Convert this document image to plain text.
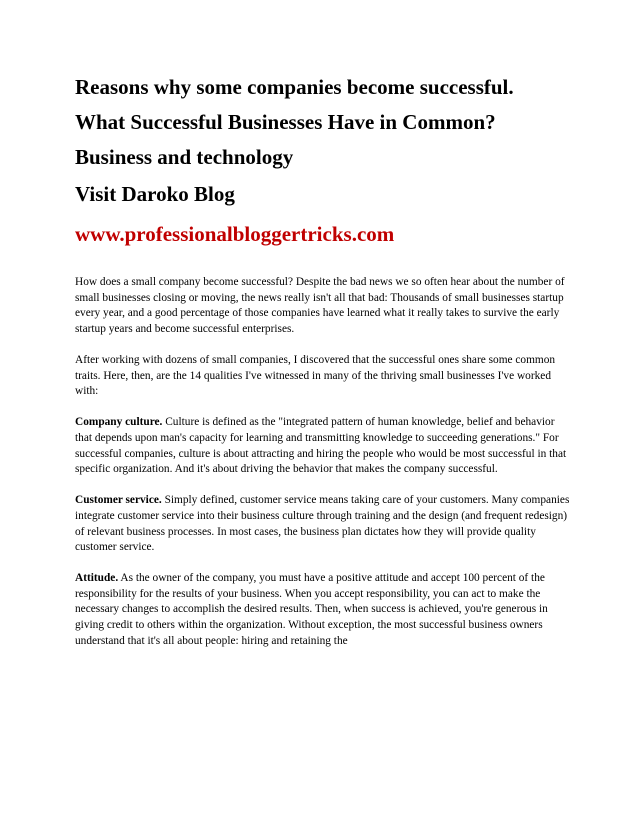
Reasons why some companies become successful.
What Successful Businesses Have in Common?
Business and technology
Visit Daroko Blog
www.professionalbloggertricks.com

How does a small company become successful? Despite the bad news we so often hear about the number of small businesses closing or moving, the news really isn't all that bad: Thousands of small businesses startup every year, and a good percentage of those companies have learned what it really takes to survive the early startup years and become successful enterprises.

After working with dozens of small companies, I discovered that the successful ones share some common traits. Here, then, are the 14 qualities I've witnessed in many of the thriving small businesses I've worked with:

Company culture. Culture is defined as the "integrated pattern of human knowledge, belief and behavior that depends upon man's capacity for learning and transmitting knowledge to succeeding generations." For successful companies, culture is about attracting and hiring the people who would be most successful in that specific organization. And it's about driving the behavior that makes the company successful.

Customer service. Simply defined, customer service means taking care of your customers. Many companies integrate customer service into their business culture through training and the design (and frequent redesign) of relevant business processes. In most cases, the business plan dictates how they will provide quality customer service.

Attitude. As the owner of the company, you must have a positive attitude and accept 100 percent of the responsibility for the results of your business. When you accept responsibility, you can act to make the necessary changes to accomplish the desired results. Then, when success is achieved, you're generous in giving credit to others within the organization. Without exception, the most successful business owners understand that it's all about people: hiring and retaining the
